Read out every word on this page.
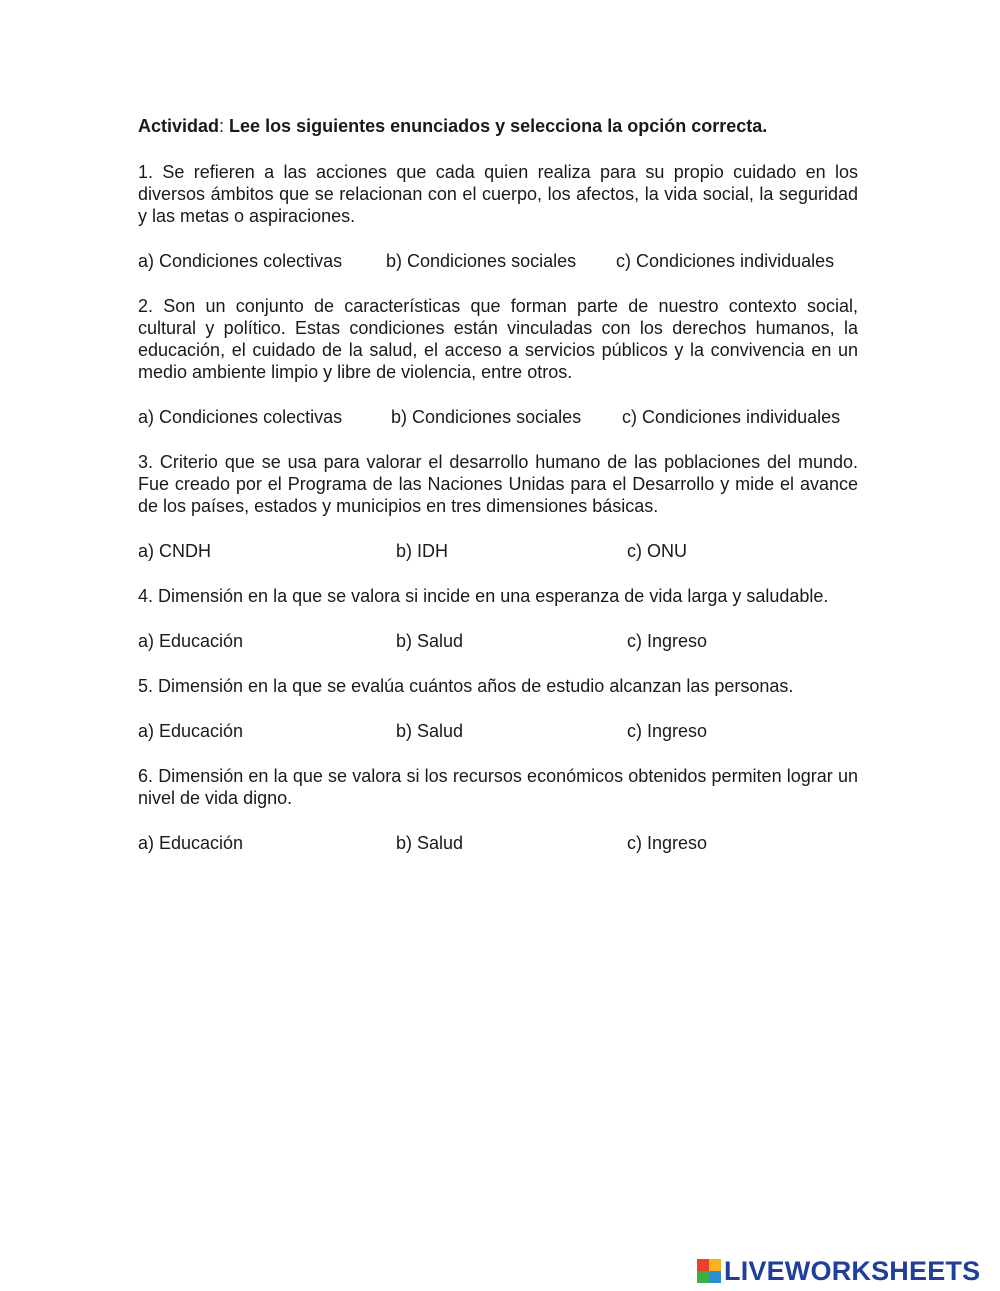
Actividad: Lee los siguientes enunciados y selecciona la opción correcta.

1. Se refieren a las acciones que cada quien realiza para su propio cuidado en los diversos ámbitos que se relacionan con el cuerpo, los afectos, la vida social, la seguridad y las metas o aspiraciones.

a) Condiciones colectivas b) Condiciones sociales c) Condiciones individuales

2. Son un conjunto de características que forman parte de nuestro contexto social, cultural y político. Estas condiciones están vinculadas con los derechos humanos, la educación, el cuidado de la salud, el acceso a servicios públicos y la convivencia en un medio ambiente limpio y libre de violencia, entre otros.

a) Condiciones colectivas	b) Condiciones sociales c) Condiciones individuales

3. Criterio que se usa para valorar el desarrollo humano de las poblaciones del mundo. Fue creado por el Programa de las Naciones Unidas para el Desarrollo y mide el avance de los países, estados y municipios en tres dimensiones básicas.

a) CNDH	b) IDH	c) ONU

4. Dimensión en la que se valora si incide en una esperanza de vida larga y saludable.

a) Educación	b) Salud	c) Ingreso

5. Dimensión en la que se evalúa cuántos años de estudio alcanzan las personas.

a) Educación	b) Salud	c) Ingreso

6. Dimensión en la que se valora si los recursos económicos obtenidos permiten lograr un nivel de vida digno.

a) Educación	b) Salud	c) Ingreso
LIVEWORKSHEETS
